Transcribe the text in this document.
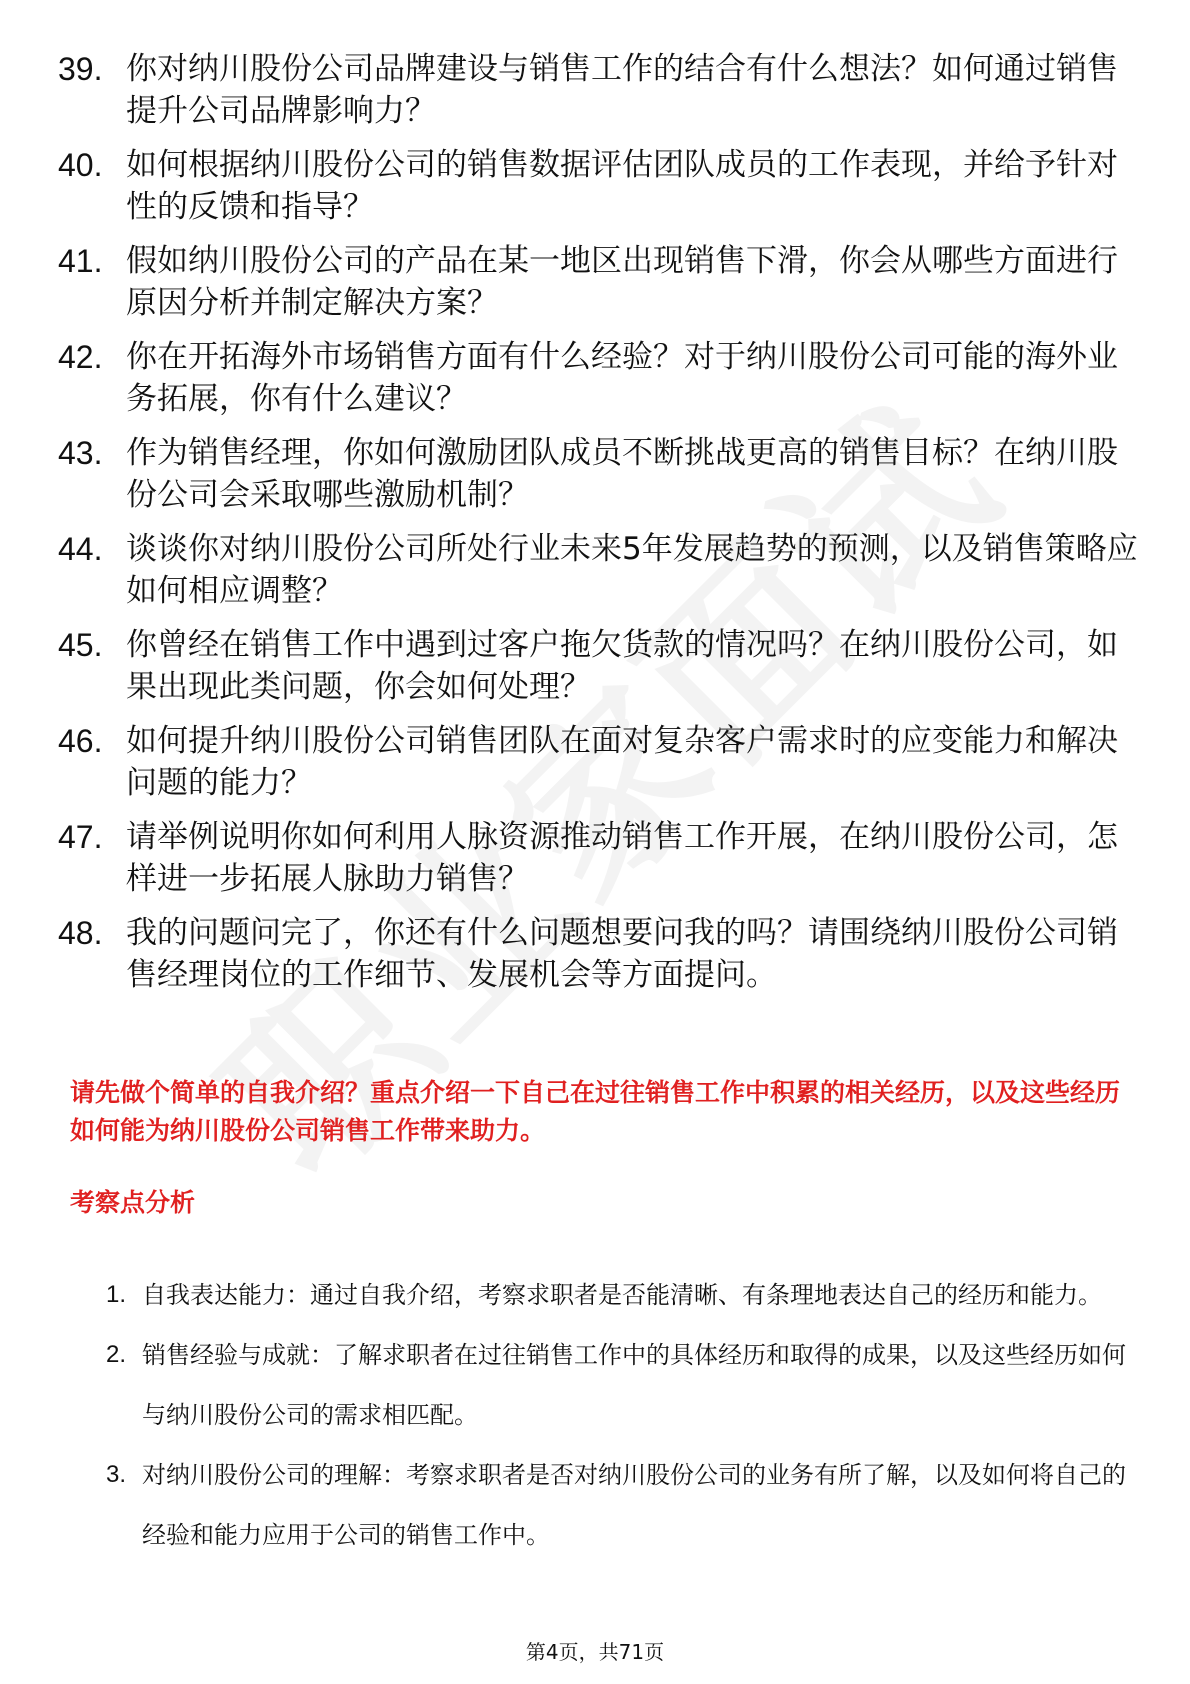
39. 你对纳川股份公司品牌建设与销售工作的结合有什么想法？如何通过销售提升公司品牌影响力？
40. 如何根据纳川股份公司的销售数据评估团队成员的工作表现，并给予针对性的反馈和指导？
41. 假如纳川股份公司的产品在某一地区出现销售下滑，你会从哪些方面进行原因分析并制定解决方案？
42. 你在开拓海外市场销售方面有什么经验？对于纳川股份公司可能的海外业务拓展，你有什么建议？
43. 作为销售经理，你如何激励团队成员不断挑战更高的销售目标？在纳川股份公司会采取哪些激励机制？
44. 谈谈你对纳川股份公司所处行业未来5年发展趋势的预测，以及销售策略应如何相应调整？
45. 你曾经在销售工作中遇到过客户拖欠货款的情况吗？在纳川股份公司，如果出现此类问题，你会如何处理？
46. 如何提升纳川股份公司销售团队在面对复杂客户需求时的应变能力和解决问题的能力？
47. 请举例说明你如何利用人脉资源推动销售工作开展，在纳川股份公司，怎样进一步拓展人脉助力销售？
48. 我的问题问完了，你还有什么问题想要问我的吗？请围绕纳川股份公司销售经理岗位的工作细节、发展机会等方面提问。

请先做个简单的自我介绍？重点介绍一下自己在过往销售工作中积累的相关经历，以及这些经历如何能为纳川股份公司销售工作带来助力。

考察点分析
1. 自我表达能力：通过自我介绍，考察求职者是否能清晰、有条理地表达自己的经历和能力。
2. 销售经验与成就：了解求职者在过往销售工作中的具体经历和取得的成果，以及这些经历如何与纳川股份公司的需求相匹配。
3. 对纳川股份公司的理解：考察求职者是否对纳川股份公司的业务有所了解，以及如何将自己的经验和能力应用于公司的销售工作中。
第4页，共71页
